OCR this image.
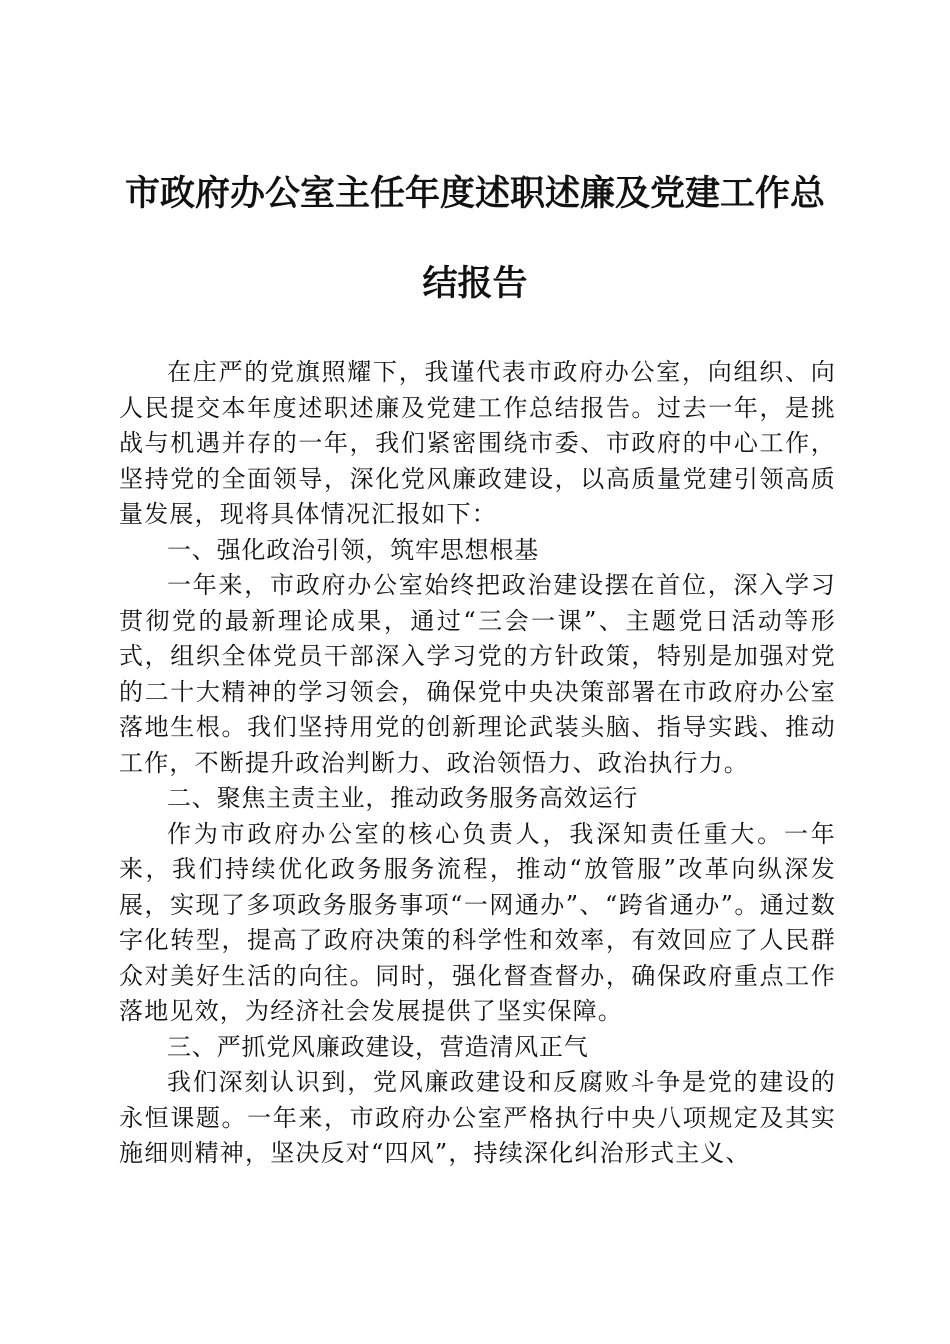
市政府办公室主任年度述职述廉及党建工作总
结报告

在庄严的党旗照耀下，我谨代表市政府办公室，向组织、向人民提交本年度述职述廉及党建工作总结报告。过去一年，是挑战与机遇并存的一年，我们紧密围绕市委、市政府的中心工作，坚持党的全面领导，深化党风廉政建设，以高质量党建引领高质量发展，现将具体情况汇报如下：

一、强化政治引领，筑牢思想根基

一年来，市政府办公室始终把政治建设摆在首位，深入学习贯彻党的最新理论成果，通过“三会一课”、主题党日活动等形式，组织全体党员干部深入学习党的方针政策，特别是加强对党的二十大精神的学习领会，确保党中央决策部署在市政府办公室落地生根。我们坚持用党的创新理论武装头脑、指导实践、推动工作，不断提升政治判断力、政治领悟力、政治执行力。

二、聚焦主责主业，推动政务服务高效运行

作为市政府办公室的核心负责人，我深知责任重大。一年来，我们持续优化政务服务流程，推动“放管服”改革向纵深发展，实现了多项政务服务事项“一网通办”、“跨省通办”。通过数字化转型，提高了政府决策的科学性和效率，有效回应了人民群众对美好生活的向往。同时，强化督查督办，确保政府重点工作落地见效，为经济社会发展提供了坚实保障。

三、严抓党风廉政建设，营造清风正气

我们深刻认识到，党风廉政建设和反腐败斗争是党的建设的永恒课题。一年来，市政府办公室严格执行中央八项规定及其实施细则精神，坚决反对“四风”，持续深化纠治形式主义、
